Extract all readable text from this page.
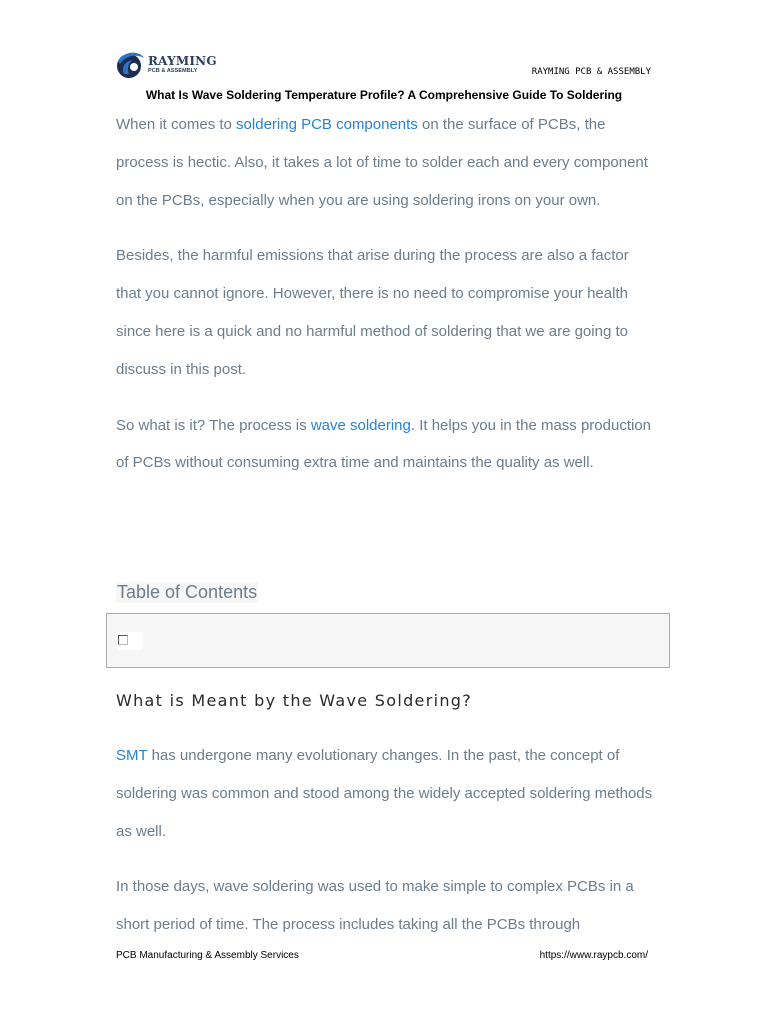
RAYMING
PCB & ASSEMBLY	RAYMING PCB & ASSEMBLY
What Is Wave Soldering Temperature Profile? A Comprehensive Guide To Soldering

When it comes to soldering PCB components on the surface of PCBs, the process is hectic. Also, it takes a lot of time to solder each and every component on the PCBs, especially when you are using soldering irons on your own.

Besides, the harmful emissions that arise during the process are also a factor that you cannot ignore. However, there is no need to compromise your health since here is a quick and no harmful method of soldering that we are going to discuss in this post.

So what is it? The process is wave soldering. It helps you in the mass production of PCBs without consuming extra time and maintains the quality as well.

Table of Contents
What is Meant by the Wave Soldering?

SMT has undergone many evolutionary changes. In the past, the concept of soldering was common and stood among the widely accepted soldering methods as well.

In those days, wave soldering was used to make simple to complex PCBs in a short period of time. The process includes taking all the PCBs through

PCB Manufacturing & Assembly Services	https://www.raypcb.com/
